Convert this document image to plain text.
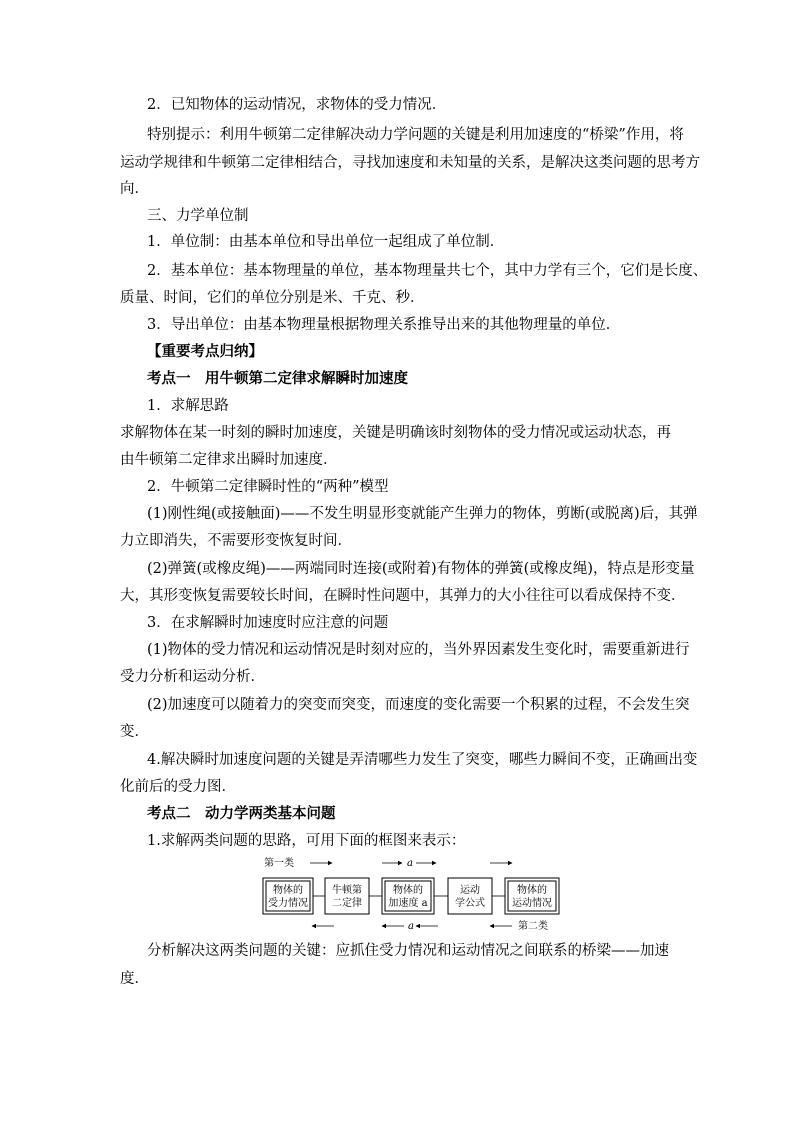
2．已知物体的运动情况，求物体的受力情况．
特别提示：利用牛顿第二定律解决动力学问题的关键是利用加速度的“桥梁”作用，将
运动学规律和牛顿第二定律相结合，寻找加速度和未知量的关系，是解决这类问题的思考方
向．
三、力学单位制
1．单位制：由基本单位和导出单位一起组成了单位制．
2．基本单位：基本物理量的单位，基本物理量共七个，其中力学有三个，它们是长度、
质量、时间，它们的单位分别是米、千克、秒．
3．导出单位：由基本物理量根据物理关系推导出来的其他物理量的单位．
【重要考点归纳】
考点一　用牛顿第二定律求解瞬时加速度
1．求解思路
求解物体在某一时刻的瞬时加速度，关键是明确该时刻物体的受力情况或运动状态，再
由牛顿第二定律求出瞬时加速度．
2．牛顿第二定律瞬时性的“两种”模型
(1)刚性绳(或接触面)——不发生明显形变就能产生弹力的物体，剪断(或脱离)后，其弹
力立即消失，不需要形变恢复时间．
(2)弹簧(或橡皮绳)——两端同时连接(或附着)有物体的弹簧(或橡皮绳)，特点是形变量
大，其形变恢复需要较长时间，在瞬时性问题中，其弹力的大小往往可以看成保持不变．
3．在求解瞬时加速度时应注意的问题
(1)物体的受力情况和运动情况是时刻对应的，当外界因素发生变化时，需要重新进行
受力分析和运动分析．
(2)加速度可以随着力的突变而突变，而速度的变化需要一个积累的过程，不会发生突
变．
4.解决瞬时加速度问题的关键是弄清哪些力发生了突变，哪些力瞬间不变，正确画出变
化前后的受力图．
考点二　动力学两类基本问题
1.求解两类问题的思路，可用下面的框图来表示：
第一类	a
物体的
受力情况
牛顿第
二定律
物体的
加速度 a
运动
学公式
物体的
运动情况
a	第二类
分析解决这两类问题的关键：应抓住受力情况和运动情况之间联系的桥梁——加速
度．
